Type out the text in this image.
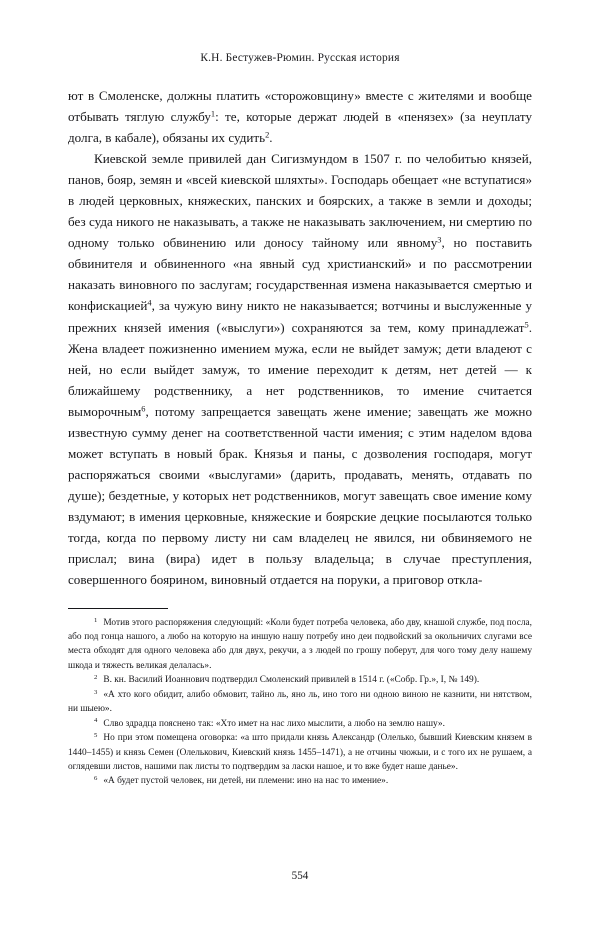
К.Н. Бестужев-Рюмин. Русская история

ют в Смоленске, должны платить «сторожовщину» вместе с жителями и вообще отбывать тяглую службу$^1$: те, которые держат людей в «пенязех» (за неуплату долга, в кабале), обязаны их судить$^2$.

Киевской земле привилей дан Сигизмундом в 1507 г. по челобитью князей, панов, бояр, земян и «всей киевской шляхты». Господарь обещает «не вступатися» в людей церковных, княжеских, панских и боярских, а также в земли и доходы; без суда никого не наказывать, а также не наказывать заключением, ни смертию по одному только обвинению или доносу тайному или явному$^3$, но поставить обвинителя и обвиненного «на явный суд христианский» и по рассмотрении наказать виновного по заслугам; государственная измена наказывается смертью и конфискацией$^4$, за чужую вину никто не наказывается; вотчины и выслуженные у прежних князей имения («выслуги») сохраняются за тем, кому принадлежат$^5$. Жена владеет пожизненно имением мужа, если не выйдет замуж; дети владеют с ней, но если выйдет замуж, то имение переходит к детям, нет детей — к ближайшему родственнику, а нет родственников, то имение считается выморочным$^6$, потому запрещается завещать жене имение; завещать же можно известную сумму денег на соответственной части имения; с этим наделом вдова может вступать в новый брак. Князья и паны, с дозволения господаря, могут распоряжаться своими «выслугами» (дарить, продавать, менять, отдавать по душе); бездетные, у которых нет родственников, могут завещать свое имение кому вздумают; в имения церковные, княжеские и боярские децкие посылаются только тогда, когда по первому листу ни сам владелец не явился, ни обвиняемого не прислал; вина (вира) идет в пользу владельца; в случае преступления, совершенного боярином, виновный отдается на поруки, а приговор откла-

$^1$ Мотив этого распоряжения следующий: «Коли будет потреба человека, або дву, кнашой службе, под посла, або под гонца нашого, а любо на которую на иншую нашу потребу ино деи подвойский за окольничих слугами все места обходят для одного человека або для двух, рекучи, а з людей по грошу поберут, для чого тому делу нашему шкода и тяжесть великая делалась».

$^2$ В. кн. Василий Иоаннович подтвердил Смоленский привилей в 1514 г. («Собр. Гр.», I, № 149).

$^3$ «А хто кого обидит, алибо обмовит, тайно ль, яно ль, ино того ни одною виною не казнити, ни нятством, ни шыею».

$^4$ Слво здрадца пояснено так: «Хто имет на нас лихо мыслити, а любо на землю нашу».

$^5$ Но при этом помещена оговорка: «а што придали князь Александр (Олелько, бывший Киевским князем в 1440–1455) и князь Семен (Олелькович, Киевский князь 1455–1471), а не отчины чюжыи, и с того их не рушаем, а оглядевши листов, нашими пак листы то подтвердим за ласки нашое, и то вже будет наше данье».

$^6$ «А будет пустой человек, ни детей, ни племени: ино на нас то имение».

554
